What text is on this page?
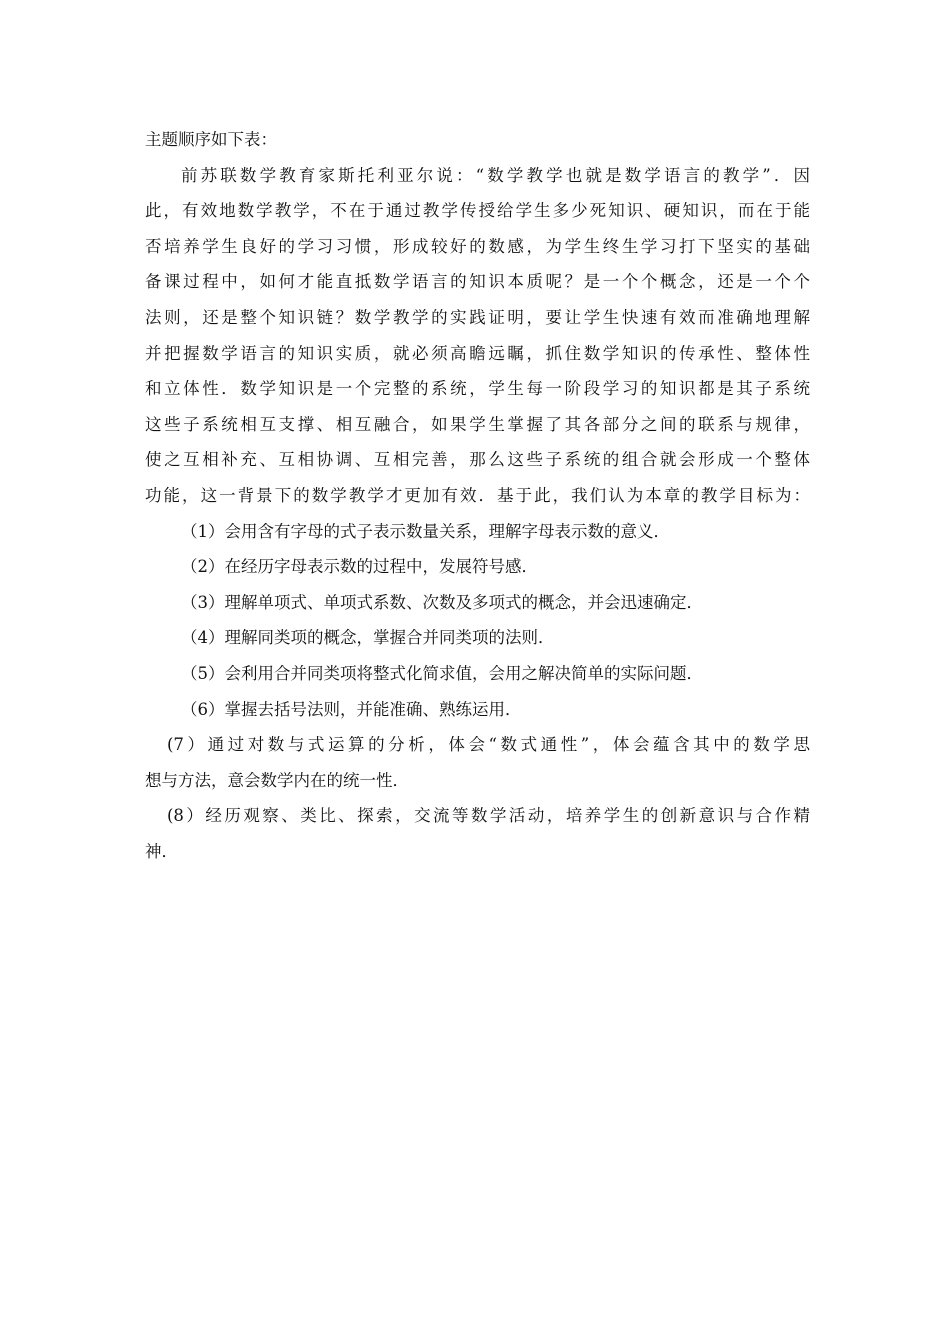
主题顺序如下表：
前苏联数学教育家斯托利亚尔说：“数学教学也就是数学语言的教学”．因
此，有效地数学教学，不在于通过教学传授给学生多少死知识、硬知识，而在于能
否培养学生良好的学习习惯，形成较好的数感，为学生终生学习打下坚实的基础
备课过程中，如何才能直抵数学语言的知识本质呢？是一个个概念，还是一个个
法则，还是整个知识链？数学教学的实践证明，要让学生快速有效而准确地理解
并把握数学语言的知识实质，就必须高瞻远瞩，抓住数学知识的传承性、整体性
和立体性．数学知识是一个完整的系统，学生每一阶段学习的知识都是其子系统
这些子系统相互支撑、相互融合，如果学生掌握了其各部分之间的联系与规律，
使之互相补充、互相协调、互相完善，那么这些子系统的组合就会形成一个整体
功能，这一背景下的数学教学才更加有效．基于此，我们认为本章的教学目标为：
（1）会用含有字母的式子表示数量关系，理解字母表示数的意义．
（2）在经历字母表示数的过程中，发展符号感．
（3）理解单项式、单项式系数、次数及多项式的概念，并会迅速确定．
（4）理解同类项的概念，掌握合并同类项的法则．
（5）会利用合并同类项将整式化简求值，会用之解决简单的实际问题．
（6）掌握去括号法则，并能准确、熟练运用．
(7）通过对数与式运算的分析，体会“数式通性”，体会蕴含其中的数学思
想与方法，意会数学内在的统一性．
(8）经历观察、类比、探索，交流等数学活动，培养学生的创新意识与合作精
神．
